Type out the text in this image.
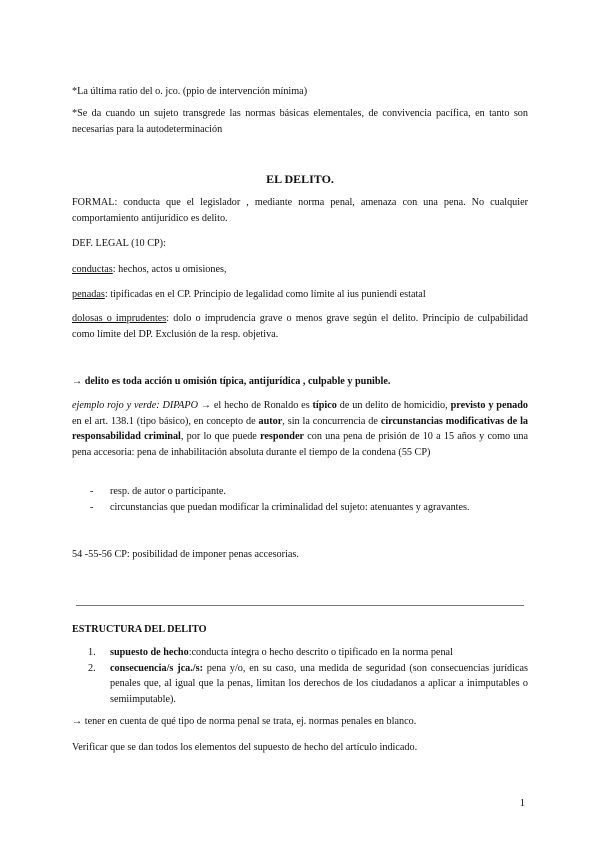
*La última ratio del o. jco. (ppio de intervención mínima)

*Se da cuando un sujeto transgrede las normas básicas elementales, de convivencia pacífica, en tanto son necesarias para la autodeterminación

EL DELITO.

FORMAL: conducta que el legislador , mediante norma penal, amenaza con una pena. No cualquier comportamiento antijurídico es delito.

DEF. LEGAL (10 CP):

conductas: hechos, actos u omisiones,

penadas: tipificadas en el CP. Principio de legalidad como límite al ius puniendi estatal

dolosas o imprudentes: dolo o imprudencia grave o menos grave según el delito. Principio de culpabilidad como límite del DP. Exclusión de la resp. objetiva.

→ delito es toda acción u omisión típica, antijurídica , culpable y punible.

ejemplo rojo y verde: DIPAPO → el hecho de Ronaldo es típico de un delito de homicidio, previsto y penado en el art. 138.1 (tipo básico), en concepto de autor, sin la concurrencia de circunstancias modificativas de la responsabilidad criminal, por lo que puede responder con una pena de prisión de 10 a 15 años y como una pena accesoria: pena de inhabilitación absoluta durante el tiempo de la condena (55 CP)

-	resp. de autor o participante.
-	circunstancias que puedan modificar la criminalidad del sujeto: atenuantes y agravantes.

54 -55-56 CP: posibilidad de imponer penas accesorias.

ESTRUCTURA DEL DELITO

1.	supuesto de hecho:conducta íntegra o hecho descrito o tipificado en la norma penal
2.	consecuencia/s jca./s: pena y/o, en su caso, una medida de seguridad (son consecuencias jurídicas penales que, al igual que la penas, limitan los derechos de los ciudadanos a aplicar a inimputables o semiimputable).

→ tener en cuenta de qué tipo de norma penal se trata, ej. normas penales en blanco.

Verificar que se dan todos los elementos del supuesto de hecho del artículo indicado.

1
